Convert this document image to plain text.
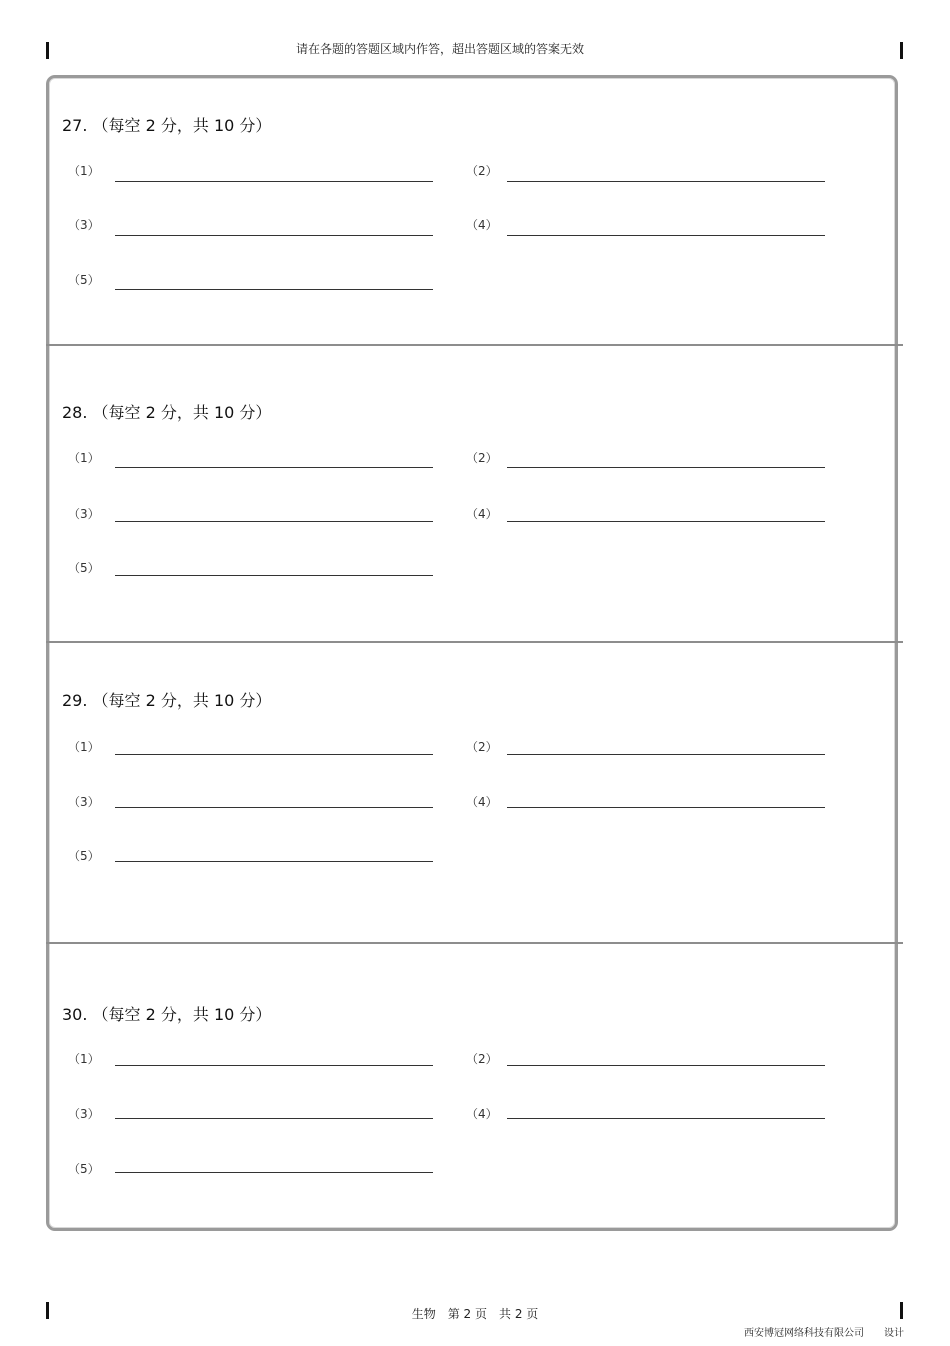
请在各题的答题区域内作答，超出答题区域的答案无效
27. （每空 2 分，共 10 分）
（1）	（2）
（3）	（4）
（5）
28. （每空 2 分，共 10 分）
（1）	（2）
（3）	（4）
（5）
29. （每空 2 分，共 10 分）
（1）	（2）
（3）	（4）
（5）
30. （每空 2 分，共 10 分）
（1）	（2）
（3）	（4）
（5）
生物　第 2 页　共 2 页
西安博冠网络科技有限公司　　设计
